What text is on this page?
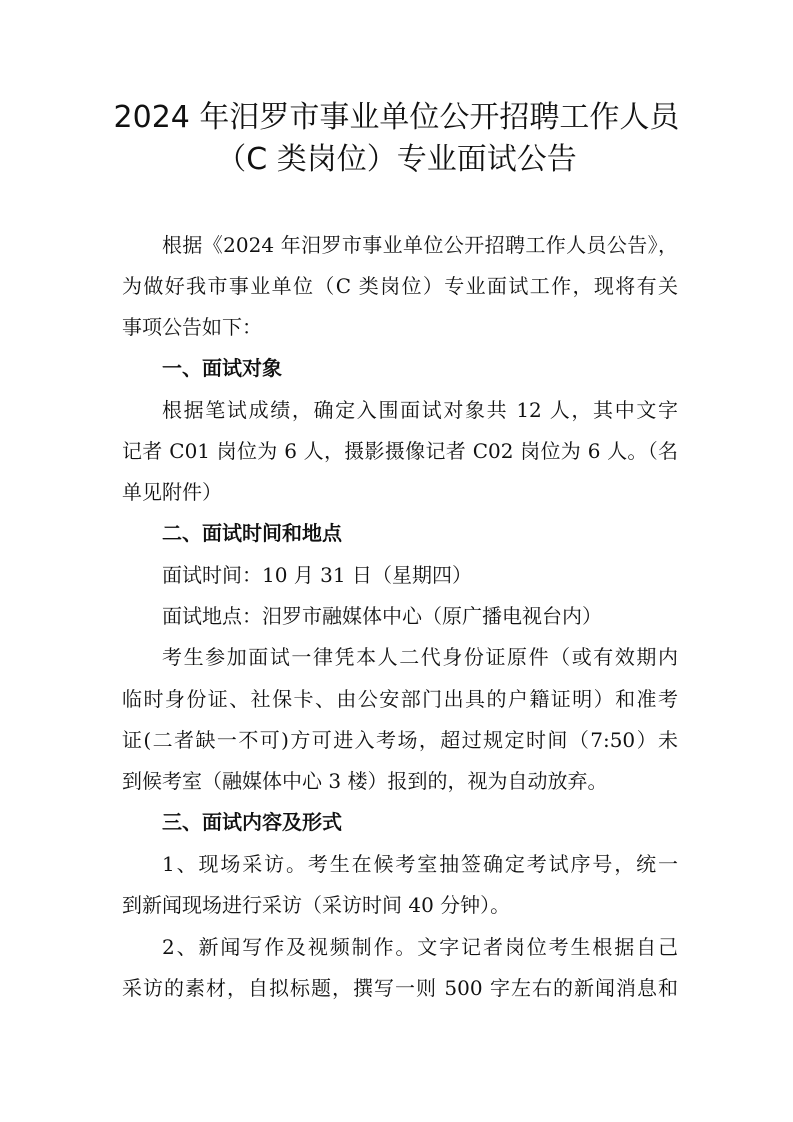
2024 年汨罗市事业单位公开招聘工作人员
（C 类岗位）专业面试公告
根据《2024 年汨罗市事业单位公开招聘工作人员公告》，
为做好我市事业单位（C 类岗位）专业面试工作，现将有关
事项公告如下：
一、面试对象
根据笔试成绩，确定入围面试对象共 12 人，其中文字
记者 C01 岗位为 6 人，摄影摄像记者 C02 岗位为 6 人。（名
单见附件）
二、面试时间和地点
面试时间：10 月 31 日（星期四）
面试地点：汨罗市融媒体中心（原广播电视台内）
考生参加面试一律凭本人二代身份证原件（或有效期内
临时身份证、社保卡、由公安部门出具的户籍证明）和准考
证(二者缺一不可)方可进入考场，超过规定时间（7:50）未
到候考室（融媒体中心 3 楼）报到的，视为自动放弃。
三、面试内容及形式
1、现场采访。考生在候考室抽签确定考试序号，统一
到新闻现场进行采访（采访时间 40 分钟）。
2、新闻写作及视频制作。文字记者岗位考生根据自己
采访的素材，自拟标题，撰写一则 500 字左右的新闻消息和
